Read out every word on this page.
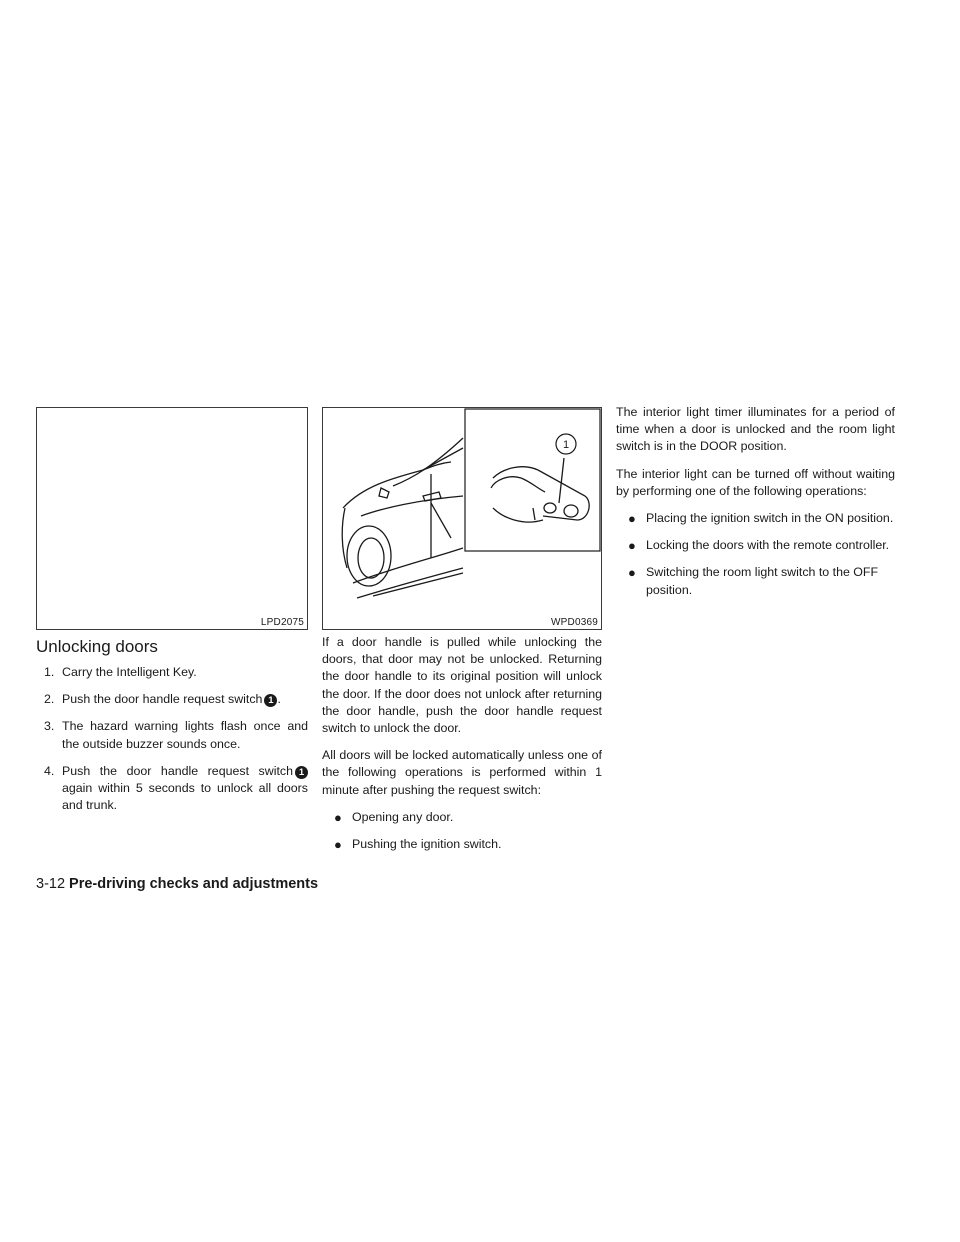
LPD2075
1
WPD0369
Unlocking doors
1. Carry the Intelligent Key.
2. Push the door handle request switch 1 .
3. The hazard warning lights flash once and the outside buzzer sounds once.
4. Push the door handle request switch 1 again within 5 seconds to unlock all doors and trunk.

If a door handle is pulled while unlocking the doors, that door may not be unlocked. Returning the door handle to its original position will unlock the door. If the door does not unlock after returning the door handle, push the door handle request switch to unlock the door.

All doors will be locked automatically unless one of the following operations is performed within 1 minute after pushing the request switch:

● Opening any door.
● Pushing the ignition switch.

The interior light timer illuminates for a period of time when a door is unlocked and the room light switch is in the DOOR position.

The interior light can be turned off without waiting by performing one of the following operations:

● Placing the ignition switch in the ON position.
● Locking the doors with the remote controller.
● Switching the room light switch to the OFF position.
3-12 Pre-driving checks and adjustments
